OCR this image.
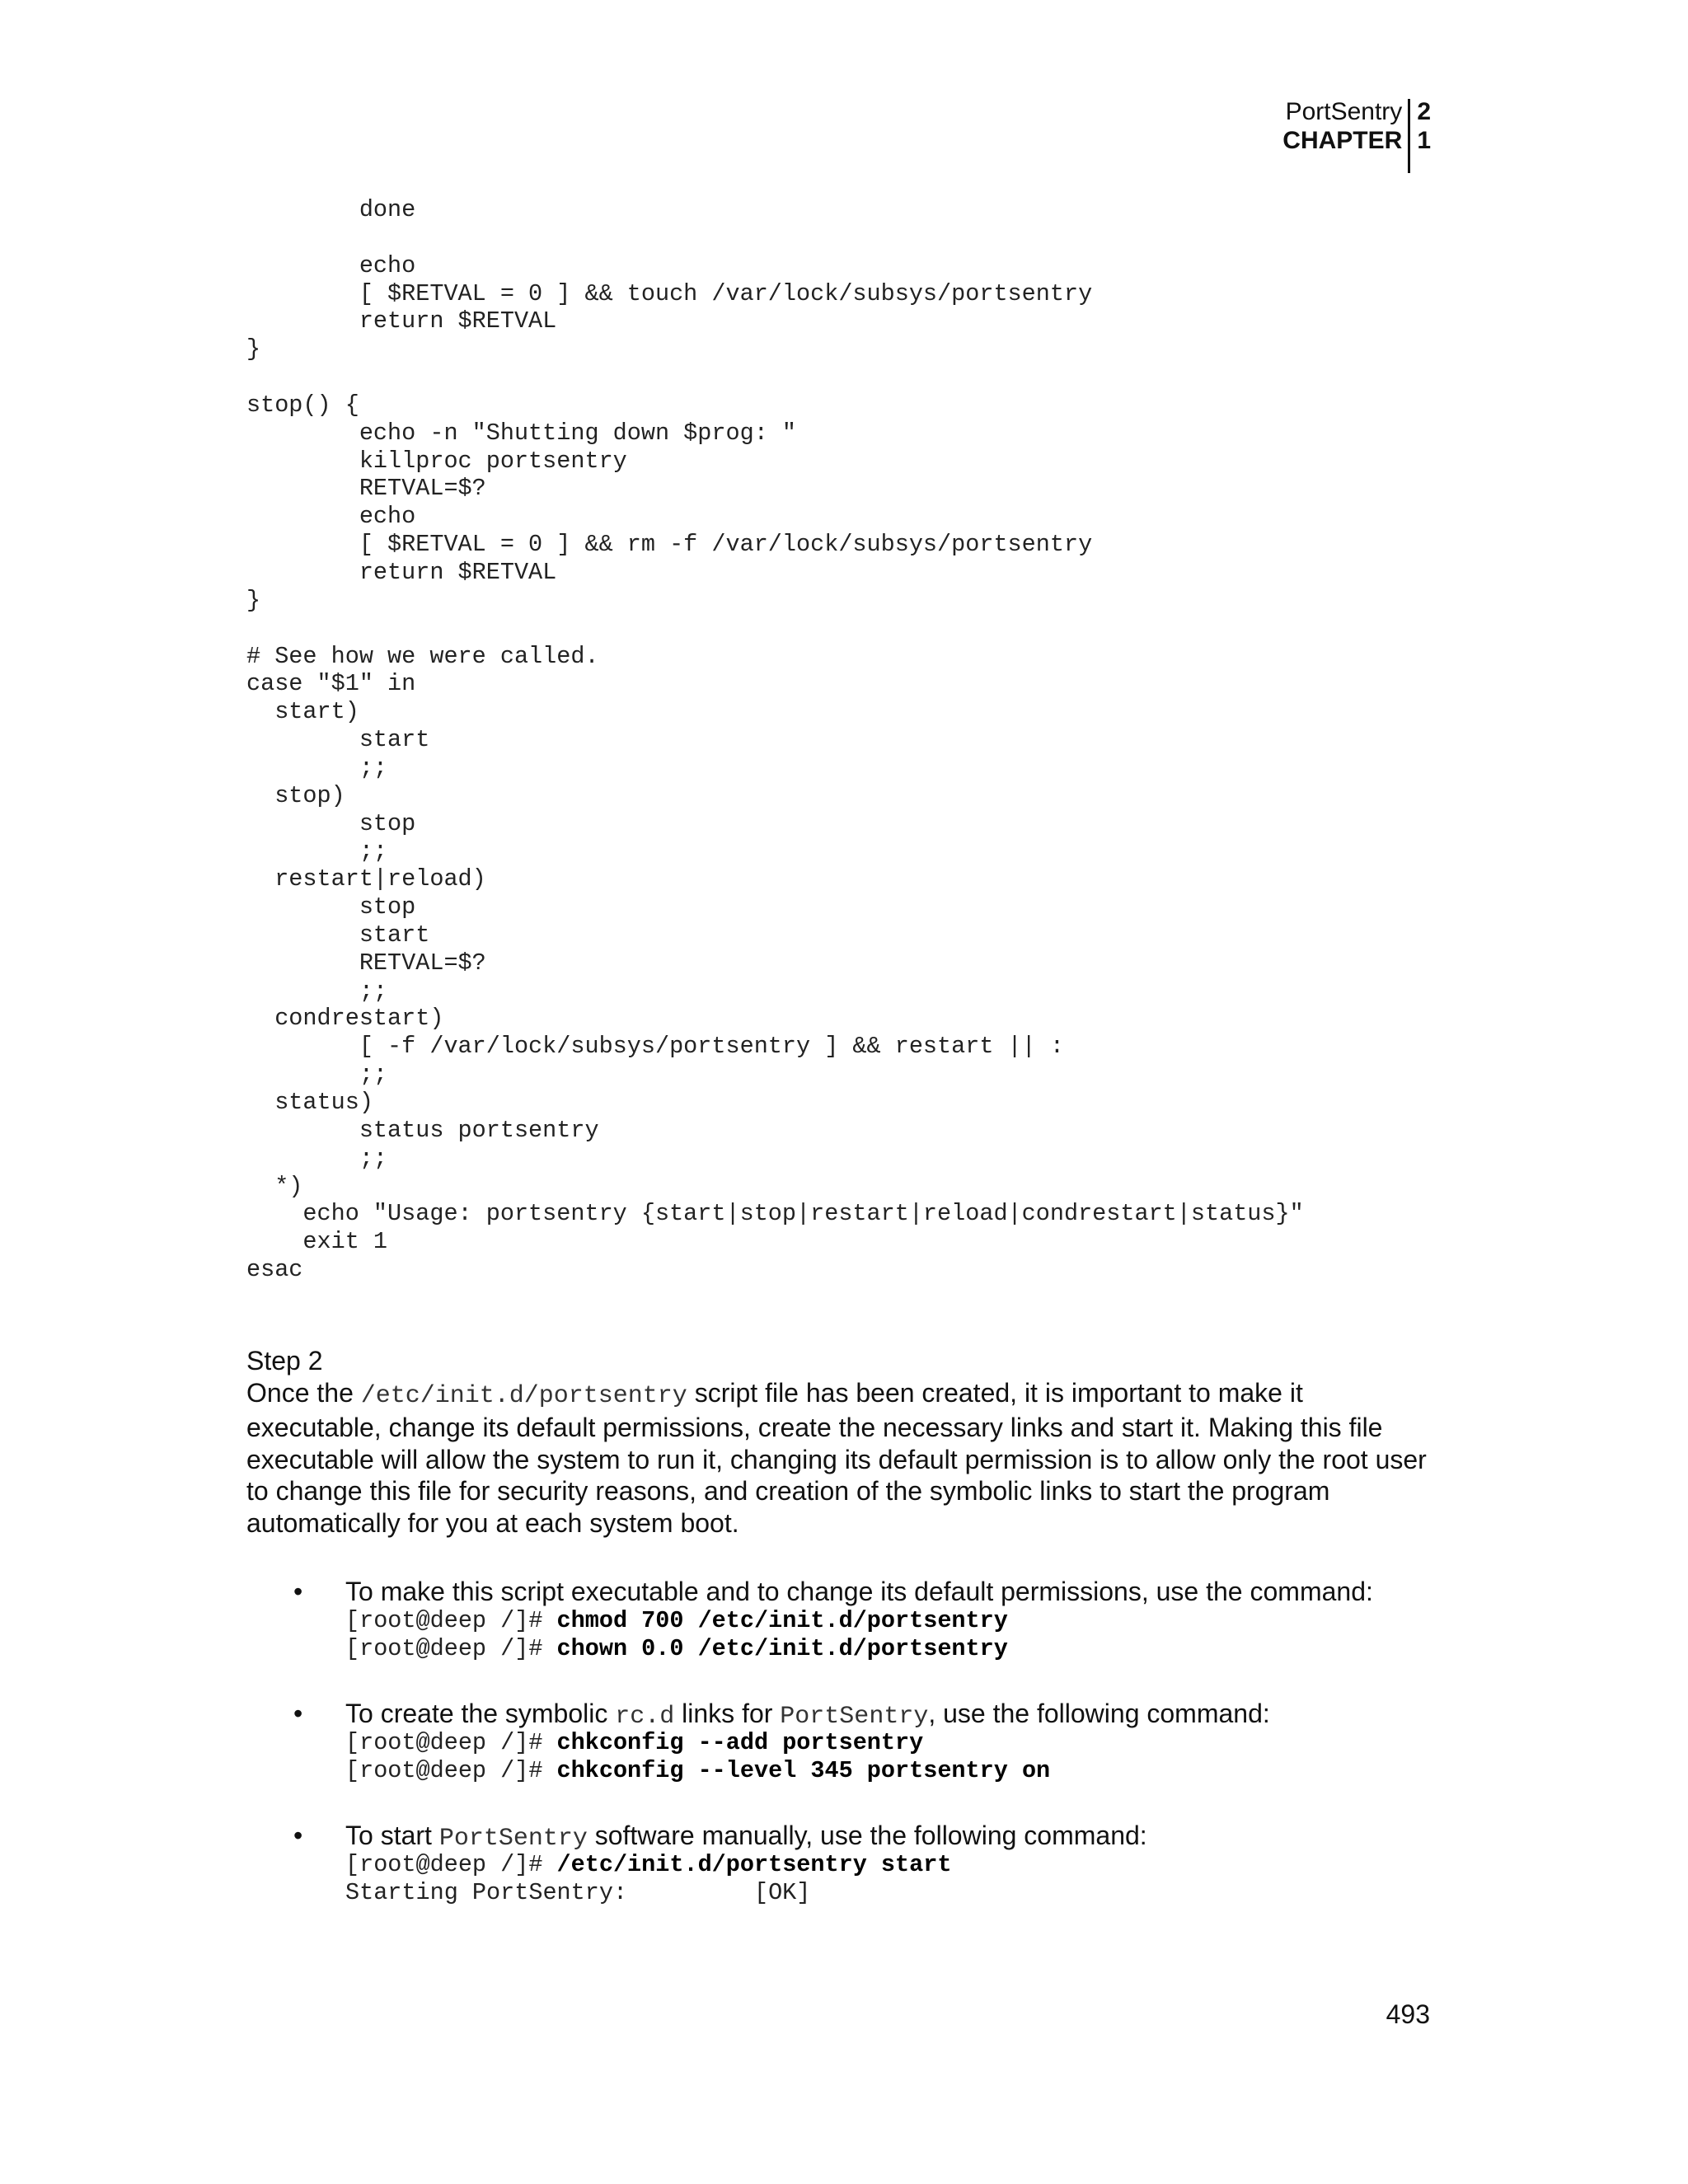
PortSentry
CHAPTER
2
1
done

echo
[ $RETVAL = 0 ] && touch /var/lock/subsys/portsentry
return $RETVAL
}

stop() {
echo -n "Shutting down $prog: "
killproc portsentry
RETVAL=$?
echo
[ $RETVAL = 0 ] && rm -f /var/lock/subsys/portsentry
return $RETVAL
}

# See how we were called.
case "$1" in
start)
start
;;
stop)
stop
;;
restart|reload)
stop
start
RETVAL=$?
;;
condrestart)
[ -f /var/lock/subsys/portsentry ] && restart || :
;;
status)
status portsentry
;;
*)
echo "Usage: portsentry {start|stop|restart|reload|condrestart|status}"
exit 1
esac

Step 2

Once the /etc/init.d/portsentry script file has been created, it is important to make it executable, change its default permissions, create the necessary links and start it. Making this file executable will allow the system to run it, changing its default permission is to allow only the root user to change this file for security reasons, and creation of the symbolic links to start the program automatically for you at each system boot.

• To make this script executable and to change its default permissions, use the command:
[root@deep /]# chmod 700 /etc/init.d/portsentry
[root@deep /]# chown 0.0 /etc/init.d/portsentry
• To create the symbolic rc.d links for PortSentry, use the following command:
[root@deep /]# chkconfig --add portsentry
[root@deep /]# chkconfig --level 345 portsentry on
• To start PortSentry software manually, use the following command:
[root@deep /]# /etc/init.d/portsentry start
Starting PortSentry:         [OK]
493
